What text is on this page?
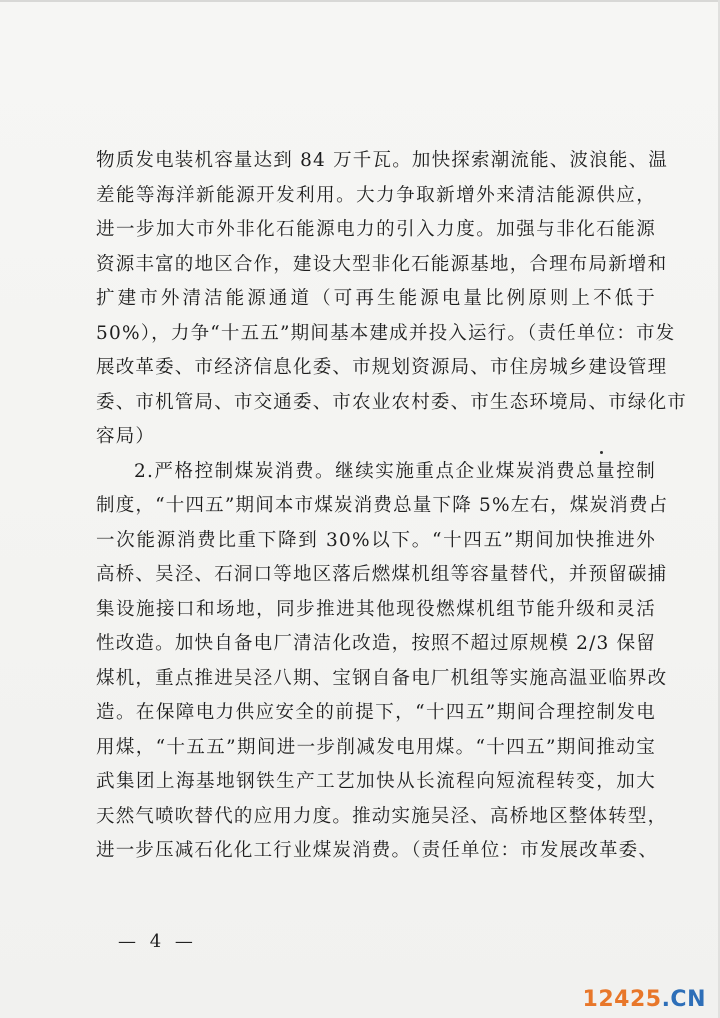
物质发电装机容量达到 84 万千瓦。加快探索潮流能、波浪能、温
差能等海洋新能源开发利用。大力争取新增外来清洁能源供应，
进一步加大市外非化石能源电力的引入力度。加强与非化石能源
资源丰富的地区合作，建设大型非化石能源基地，合理布局新增和
扩建市外清洁能源通道（可再生能源电量比例原则上不低于
50%），力争“十五五”期间基本建成并投入运行。（责任单位：市发
展改革委、市经济信息化委、市规划资源局、市住房城乡建设管理
委、市机管局、市交通委、市农业农村委、市生态环境局、市绿化市
容局）
2.严格控制煤炭消费。继续实施重点企业煤炭消费总量控制
制度，“十四五”期间本市煤炭消费总量下降 5%左右，煤炭消费占
一次能源消费比重下降到 30%以下。“十四五”期间加快推进外
高桥、吴泾、石洞口等地区落后燃煤机组等容量替代，并预留碳捕
集设施接口和场地，同步推进其他现役燃煤机组节能升级和灵活
性改造。加快自备电厂清洁化改造，按照不超过原规模 2/3 保留
煤机，重点推进吴泾八期、宝钢自备电厂机组等实施高温亚临界改
造。在保障电力供应安全的前提下，“十四五”期间合理控制发电
用煤，“十五五”期间进一步削减发电用煤。“十四五”期间推动宝
武集团上海基地钢铁生产工艺加快从长流程向短流程转变，加大
天然气喷吹替代的应用力度。推动实施吴泾、高桥地区整体转型，
进一步压减石化化工行业煤炭消费。（责任单位：市发展改革委、
— 4 —
12425.CN
